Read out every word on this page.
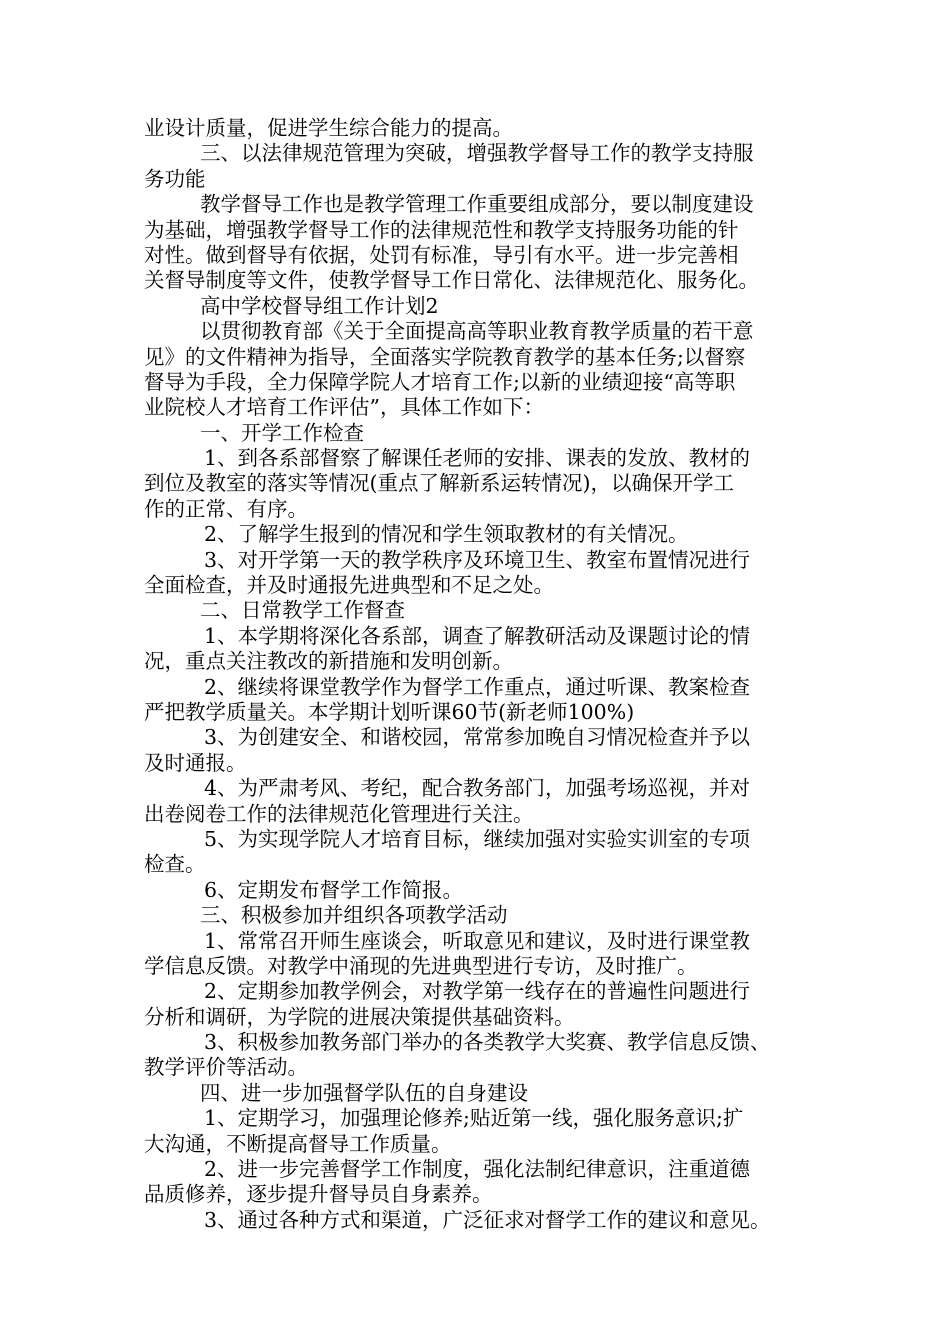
业设计质量，促进学生综合能力的提高。
三、以法律规范管理为突破，增强教学督导工作的教学支持服
务功能
教学督导工作也是教学管理工作重要组成部分，要以制度建设
为基础，增强教学督导工作的法律规范性和教学支持服务功能的针
对性。做到督导有依据，处罚有标准，导引有水平。进一步完善相
关督导制度等文件，使教学督导工作日常化、法律规范化、服务化。
高中学校督导组工作计划2
以贯彻教育部《关于全面提高高等职业教育教学质量的若干意
见》的文件精神为指导，全面落实学院教育教学的基本任务;以督察
督导为手段，全力保障学院人才培育工作;以新的业绩迎接“高等职
业院校人才培育工作评估”，具体工作如下：
一、开学工作检查
1、到各系部督察了解课任老师的安排、课表的发放、教材的
到位及教室的落实等情况(重点了解新系运转情况)，以确保开学工
作的正常、有序。
2、了解学生报到的情况和学生领取教材的有关情况。
3、对开学第一天的教学秩序及环境卫生、教室布置情况进行
全面检查，并及时通报先进典型和不足之处。
二、日常教学工作督查
1、本学期将深化各系部，调查了解教研活动及课题讨论的情
况，重点关注教改的新措施和发明创新。
2、继续将课堂教学作为督学工作重点，通过听课、教案检查
严把教学质量关。本学期计划听课60节(新老师100%)
3、为创建安全、和谐校园，常常参加晚自习情况检查并予以
及时通报。
4、为严肃考风、考纪，配合教务部门，加强考场巡视，并对
出卷阅卷工作的法律规范化管理进行关注。
5、为实现学院人才培育目标，继续加强对实验实训室的专项
检查。
6、定期发布督学工作简报。
三、积极参加并组织各项教学活动
1、常常召开师生座谈会，听取意见和建议，及时进行课堂教
学信息反馈。对教学中涌现的先进典型进行专访，及时推广。
2、定期参加教学例会，对教学第一线存在的普遍性问题进行
分析和调研，为学院的进展决策提供基础资料。
3、积极参加教务部门举办的各类教学大奖赛、教学信息反馈、
教学评价等活动。
四、进一步加强督学队伍的自身建设
1、定期学习，加强理论修养;贴近第一线，强化服务意识;扩
大沟通，不断提高督导工作质量。
2、进一步完善督学工作制度，强化法制纪律意识，注重道德
品质修养，逐步提升督导员自身素养。
3、通过各种方式和渠道，广泛征求对督学工作的建议和意见。
